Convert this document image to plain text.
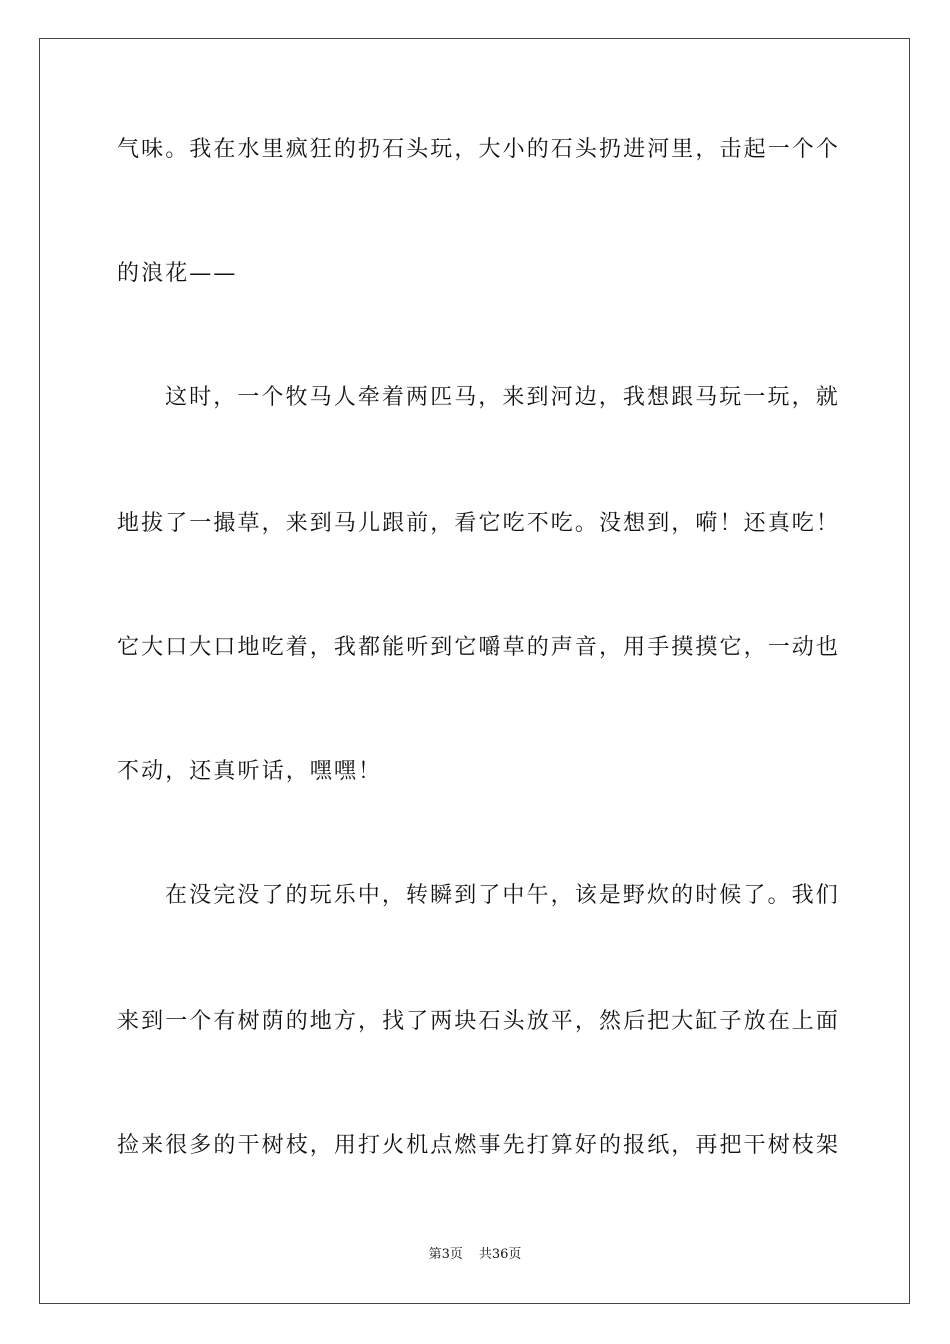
气味。我在水里疯狂的扔石头玩，大小的石头扔进河里，击起一个个
的浪花——
这时，一个牧马人牵着两匹马，来到河边，我想跟马玩一玩，就
地拔了一撮草，来到马儿跟前，看它吃不吃。没想到，嗬！还真吃！
它大口大口地吃着，我都能听到它嚼草的声音，用手摸摸它，一动也
不动，还真听话，嘿嘿！
在没完没了的玩乐中，转瞬到了中午，该是野炊的时候了。我们
来到一个有树荫的地方，找了两块石头放平，然后把大缸子放在上面
捡来很多的干树枝，用打火机点燃事先打算好的报纸，再把干树枝架
第3页 共36页
